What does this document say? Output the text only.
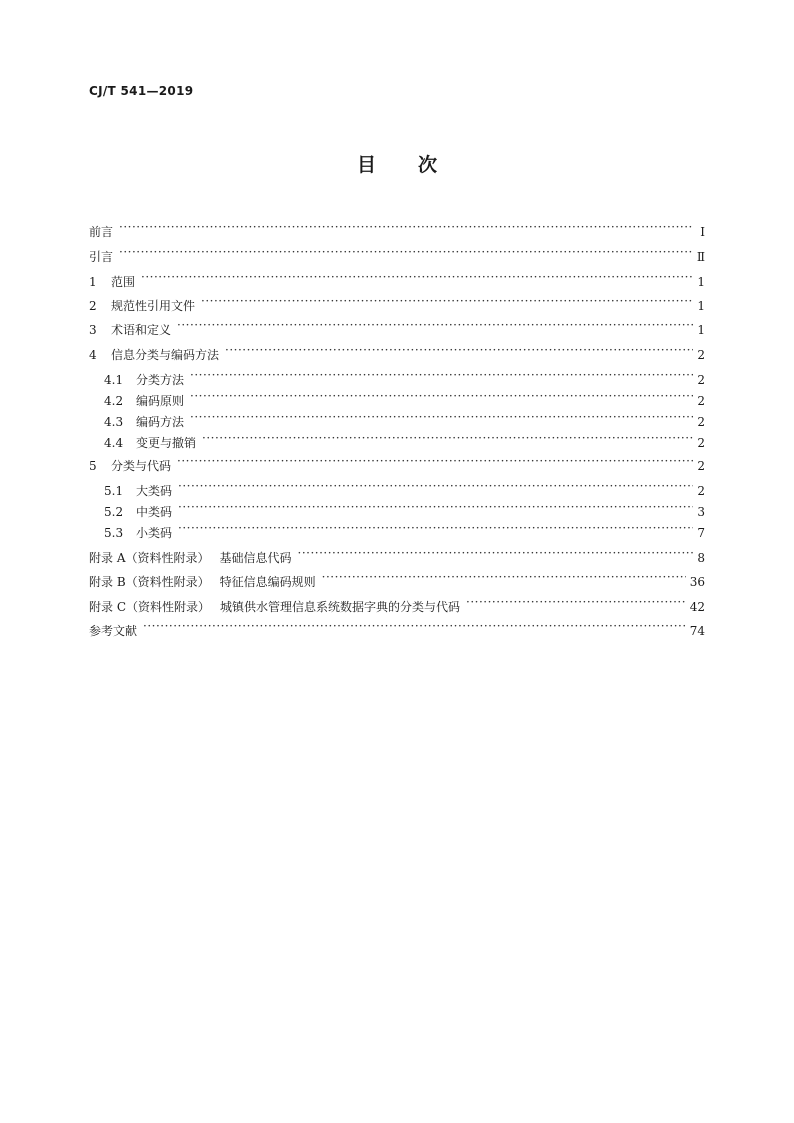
CJ/T 541—2019
目次
前言 ·····	Ⅰ
引言 ·····	Ⅱ
1	范围 ·····	1
2	规范性引用文件 ·····	1
3	术语和定义 ·····	1
4	信息分类与编码方法 ·····	2
4.1	分类方法 ·····	2
4.2	编码原则 ·····	2
4.3	编码方法 ·····	2
4.4	变更与撤销 ·····	2
5	分类与代码 ·····	2
5.1	大类码 ·····	2
5.2	中类码 ·····	3
5.3	小类码 ·····	7
附录 A（资料性附录） 基础信息代码 ·····	8
附录 B（资料性附录） 特征信息编码规则 ·····	36
附录 C（资料性附录） 城镇供水管理信息系统数据字典的分类与代码 ·····	42
参考文献 ·····	74
